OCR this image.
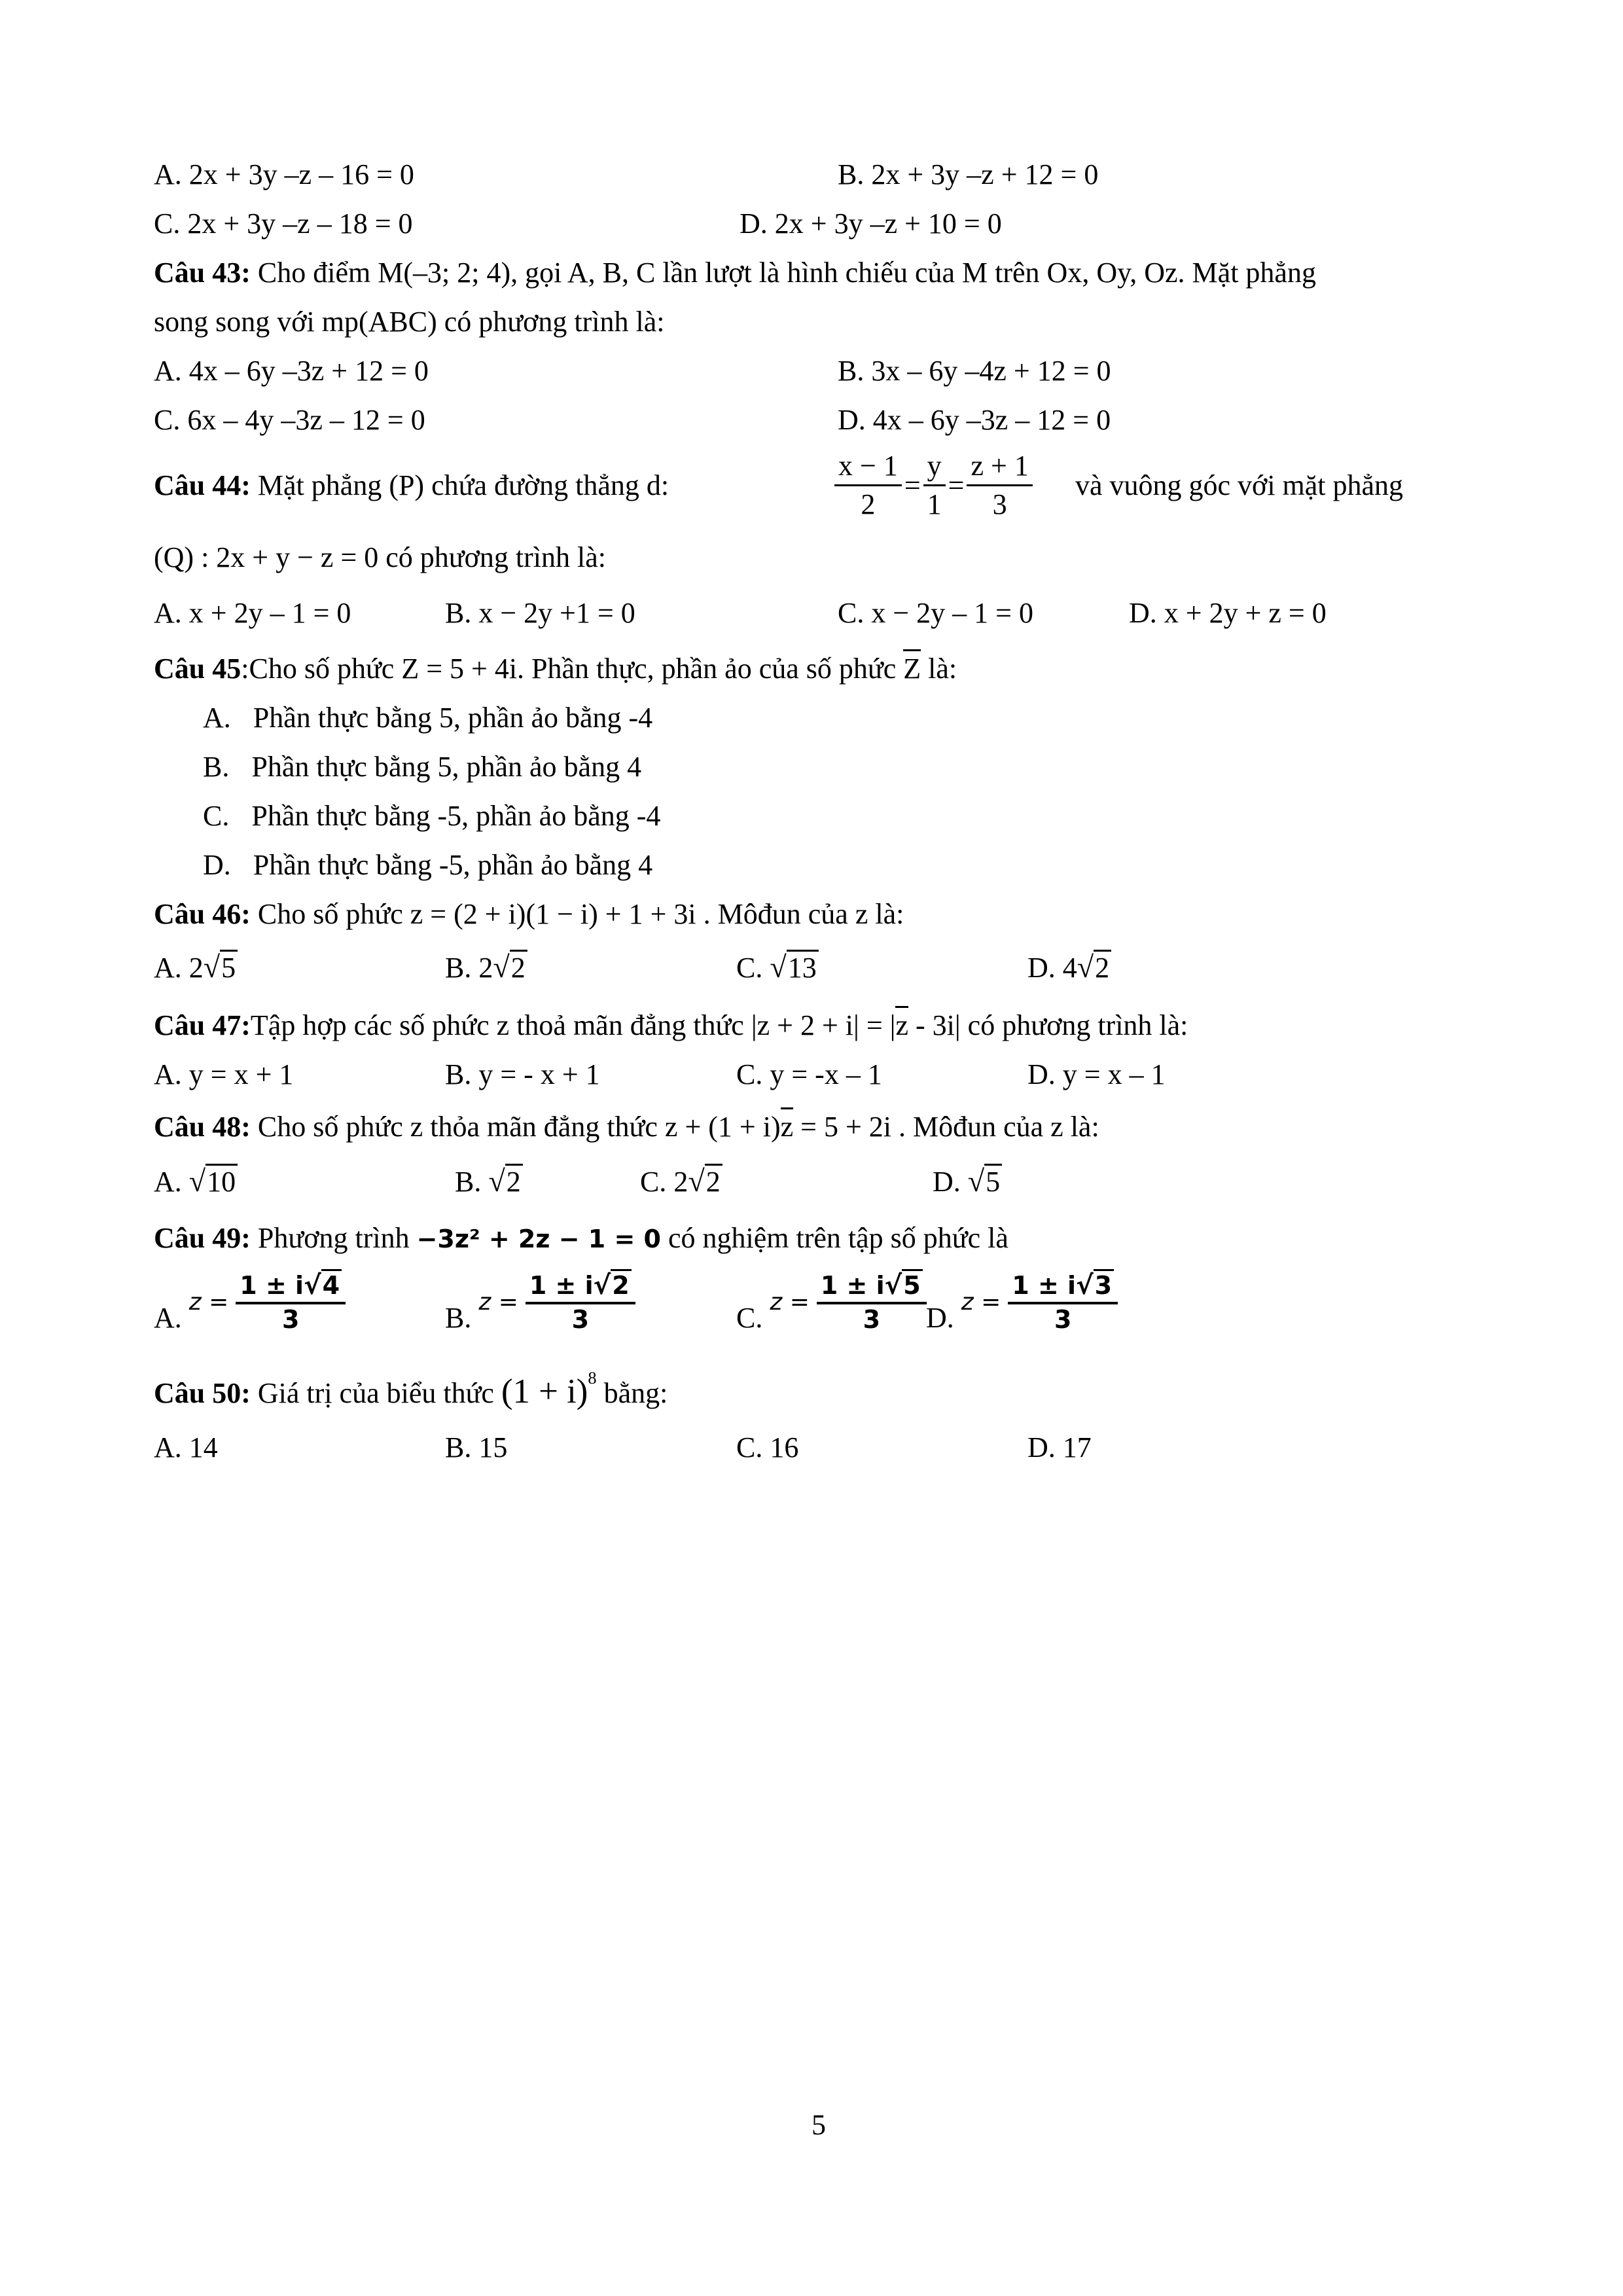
A. 2x + 3y –z – 16 = 0	B. 2x + 3y –z + 12 = 0
C. 2x + 3y –z – 18 = 0	D. 2x + 3y –z + 10 = 0
Câu 43: Cho điểm M(–3; 2; 4), gọi A, B, C lần lượt là hình chiếu của M trên Ox, Oy, Oz. Mặt phẳng
song song với mp(ABC) có phương trình là:
A. 4x – 6y –3z + 12 = 0	B. 3x – 6y –4z + 12 = 0
C. 6x – 4y –3z – 12 = 0	D. 4x – 6y –3z – 12 = 0
Câu 44: Mặt phẳng (P) chứa đường thẳng d:	$\frac{x - 1}{2} = \frac{y}{1} = \frac{z + 1}{3}$ và vuông góc với mặt phẳng
(Q) : 2x + y − z = 0 có phương trình là:
A. x + 2y – 1 = 0	B. x − 2y +1 = 0	C. x − 2y – 1 = 0	D. x + 2y + z = 0
Câu 45:Cho số phức Z = 5 + 4i. Phần thực, phần ảo của số phức Z là:
A. Phần thực bằng 5, phần ảo bằng -4
B. Phần thực bằng 5, phần ảo bằng 4
C. Phần thực bằng -5, phần ảo bằng -4
D. Phần thực bằng -5, phần ảo bằng 4
Câu 46: Cho số phức z = (2 + i)(1 − i) + 1 + 3i . Môđun của z là:
A. 2√5	B. 2√2	C. √13	D. 4√2
Câu 47:Tập hợp các số phức z thoả mãn đẳng thức |z + 2 + i| = |z - 3i| có phương trình là:
A. y = x + 1	B. y = - x + 1	C. y = -x – 1	D. y = x – 1
Câu 48: Cho số phức z thỏa mãn đẳng thức z + (1 + i)z = 5 + 2i . Môđun của z là:
A. √10	B. √2	C. 2√2	D. √5
Câu 49: Phương trình −3z² + 2z − 1 = 0 có nghiệm trên tập số phức là
A. $z = \frac{1 \pm i√4}{3}$	B. $z = \frac{1 \pm i√2}{3}$	C. $z = \frac{1 \pm i√5}{3} D$. $z = \frac{1 \pm i√3}{3}$
Câu 50: Giá trị của biểu thức $(1 + i)^8$ bằng:
A. 14	B. 15	C. 16	D. 17
5
